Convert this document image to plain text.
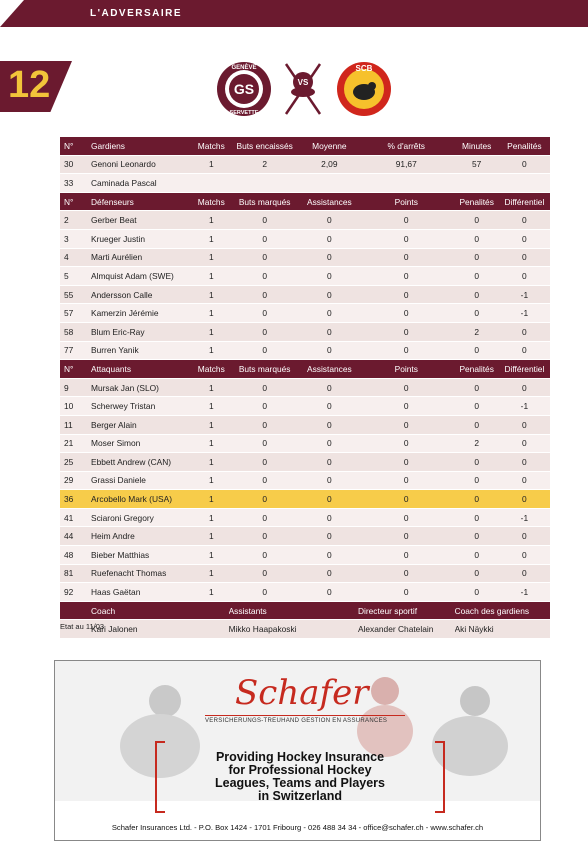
L'ADVERSAIRE
12	GS
GENÈVE
SERVETTE
VS
SCB
N°	Gardiens	Matchs	Buts encaissés	Moyenne	% d'arrêts	Minutes	Penalités
30	Genoni Leonardo	1	2	2,09	91,67	57	0
33	Caminada Pascal						
N°	Défenseurs	Matchs	Buts marqués	Assistances	Points	Penalités	Différentiel
2	Gerber Beat	1	0	0	0	0	0
3	Krueger Justin	1	0	0	0	0	0
4	Marti Aurélien	1	0	0	0	0	0
5	Almquist Adam (SWE)	1	0	0	0	0	0
55	Andersson Calle	1	0	0	0	0	-1
57	Kamerzin Jérémie	1	0	0	0	0	-1
58	Blum Eric-Ray	1	0	0	0	2	0
77	Burren Yanik	1	0	0	0	0	0
N°	Attaquants	Matchs	Buts marqués	Assistances	Points	Penalités	Différentiel
9	Mursak Jan (SLO)	1	0	0	0	0	0
10	Scherwey Tristan	1	0	0	0	0	-1
11	Berger Alain	1	0	0	0	0	0
21	Moser Simon	1	0	0	0	2	0
25	Ebbett Andrew (CAN)	1	0	0	0	0	0
29	Grassi Daniele	1	0	0	0	0	0
36	Arcobello Mark (USA)	1	0	0	0	0	0
41	Sciaroni Gregory	1	0	0	0	0	-1
44	Heim Andre	1	0	0	0	0	0
48	Bieber Matthias	1	0	0	0	0	0
81	Ruefenacht Thomas	1	0	0	0	0	0
92	Haas Gaëtan	1	0	0	0	0	-1
	Coach		Assistants		Directeur sportif	Coach des gardiens	
	Kari Jalonen		Mikko Haapakoski		Alexander Chatelain	Aki Näykki	
Etat au 11/03
Schafer
VERSICHERUNGS-TREUHAND GESTION EN ASSURANCES
Providing Hockey Insurance
for Professional Hockey
Leagues, Teams and Players
in Switzerland
Schafer Insurances Ltd. - P.O. Box 1424 - 1701 Fribourg - 026 488 34 34 - office@schafer.ch - www.schafer.ch
